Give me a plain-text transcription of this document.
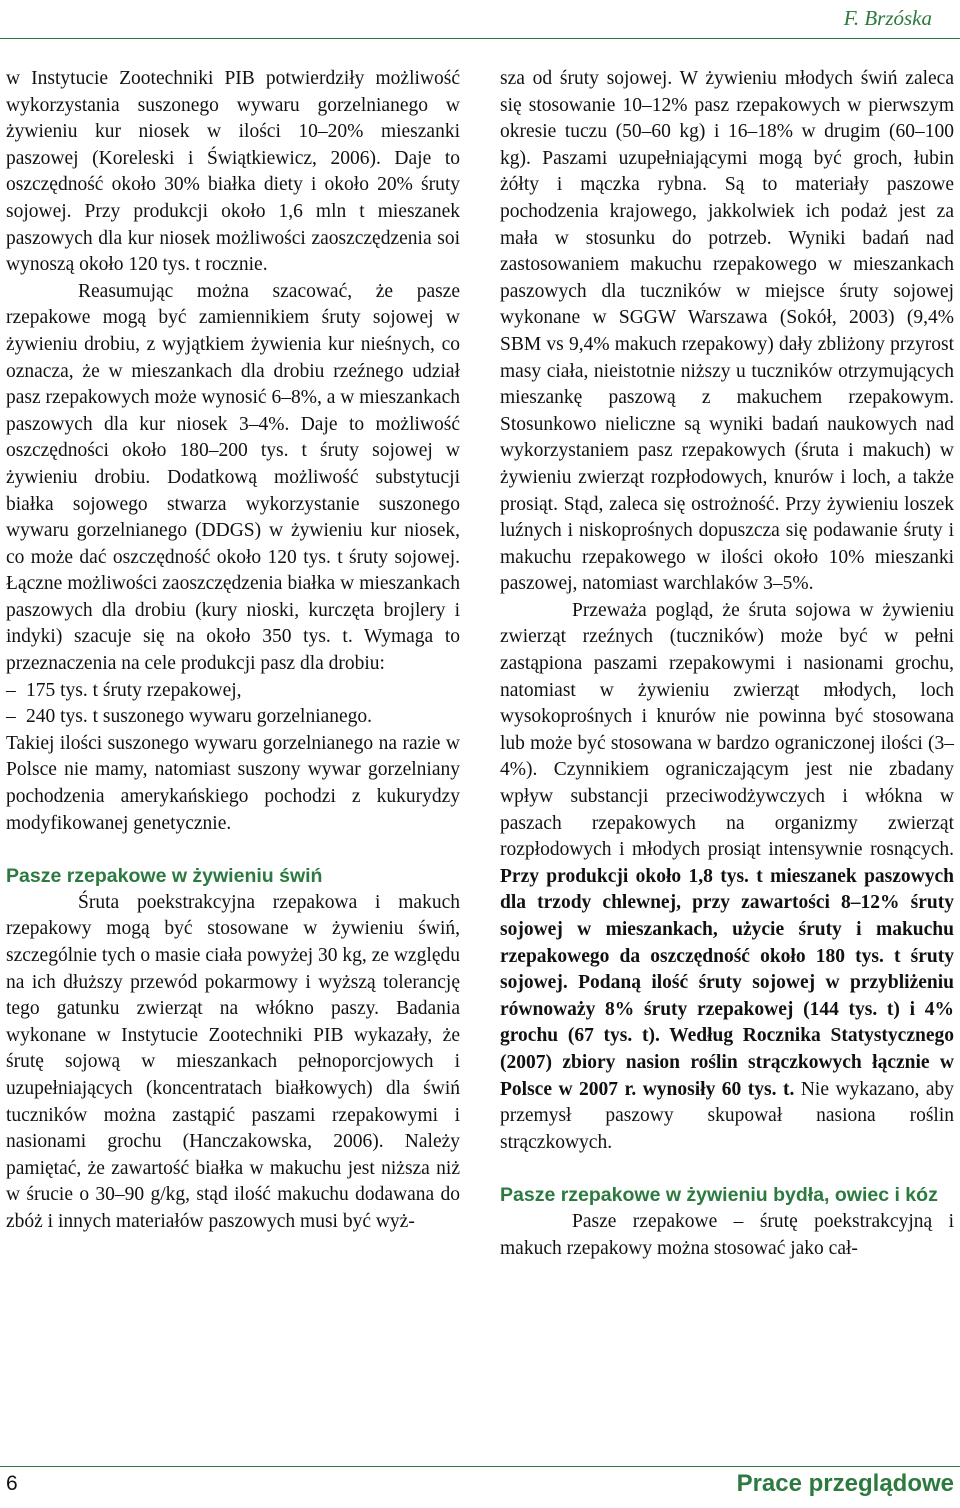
F. Brzóska

w Instytucie Zootechniki PIB potwierdziły możliwość wykorzystania suszonego wywaru gorzelnianego w żywieniu kur niosek w ilości 10–20% mieszanki paszowej (Koreleski i Świątkiewicz, 2006). Daje to oszczędność około 30% białka diety i około 20% śruty sojowej. Przy produkcji około 1,6 mln t mieszanek paszowych dla kur niosek możliwości zaoszczędzenia soi wynoszą około 120 tys. t rocznie.

Reasumując można szacować, że pasze rzepakowe mogą być zamiennikiem śruty sojowej w żywieniu drobiu, z wyjątkiem żywienia kur nieśnych, co oznacza, że w mieszankach dla drobiu rzeźnego udział pasz rzepakowych może wynosić 6–8%, a w mieszankach paszowych dla kur niosek 3–4%. Daje to możliwość oszczędności około 180–200 tys. t śruty sojowej w żywieniu drobiu. Dodatkową możliwość substytucji białka sojowego stwarza wykorzystanie suszonego wywaru gorzelnianego (DDGS) w żywieniu kur niosek, co może dać oszczędność około 120 tys. t śruty sojowej. Łączne możliwości zaoszczędzenia białka w mieszankach paszowych dla drobiu (kury nioski, kurczęta brojlery i indyki) szacuje się na około 350 tys. t. Wymaga to przeznaczenia na cele produkcji pasz dla drobiu:

– 175 tys. t śruty rzepakowej,

– 240 tys. t suszonego wywaru gorzelnianego.

Takiej ilości suszonego wywaru gorzelnianego na razie w Polsce nie mamy, natomiast suszony wywar gorzelniany pochodzenia amerykańskiego pochodzi z kukurydzy modyfikowanej genetycznie.

Pasze rzepakowe w żywieniu świń

Śruta poekstrakcyjna rzepakowa i makuch rzepakowy mogą być stosowane w żywieniu świń, szczególnie tych o masie ciała powyżej 30 kg, ze względu na ich dłuższy przewód pokarmowy i wyższą tolerancję tego gatunku zwierząt na włókno paszy. Badania wykonane w Instytucie Zootechniki PIB wykazały, że śrutę sojową w mieszankach pełnoporcjowych i uzupełniających (koncentratach białkowych) dla świń tuczników można zastąpić paszami rzepakowymi i nasionami grochu (Hanczakowska, 2006). Należy pamiętać, że zawartość białka w makuchu jest niższa niż w śrucie o 30–90 g/kg, stąd ilość makuchu dodawana do zbóż i innych materiałów paszowych musi być wyż-

sza od śruty sojowej. W żywieniu młodych świń zaleca się stosowanie 10–12% pasz rzepakowych w pierwszym okresie tuczu (50–60 kg) i 16–18% w drugim (60–100 kg). Paszami uzupełniającymi mogą być groch, łubin żółty i mączka rybna. Są to materiały paszowe pochodzenia krajowego, jakkolwiek ich podaż jest za mała w stosunku do potrzeb. Wyniki badań nad zastosowaniem makuchu rzepakowego w mieszankach paszowych dla tuczników w miejsce śruty sojowej wykonane w SGGW Warszawa (Sokół, 2003) (9,4% SBM vs 9,4% makuch rzepakowy) dały zbliżony przyrost masy ciała, nieistotnie niższy u tuczników otrzymujących mieszankę paszową z makuchem rzepakowym. Stosunkowo nieliczne są wyniki badań naukowych nad wykorzystaniem pasz rzepakowych (śruta i makuch) w żywieniu zwierząt rozpłodowych, knurów i loch, a także prosiąt. Stąd, zaleca się ostrożność. Przy żywieniu loszek luźnych i niskoprośnych dopuszcza się podawanie śruty i makuchu rzepakowego w ilości około 10% mieszanki paszowej, natomiast warchlaków 3–5%.

Przeważa pogląd, że śruta sojowa w żywieniu zwierząt rzeźnych (tuczników) może być w pełni zastąpiona paszami rzepakowymi i nasionami grochu, natomiast w żywieniu zwierząt młodych, loch wysokoprośnych i knurów nie powinna być stosowana lub może być stosowana w bardzo ograniczonej ilości (3–4%). Czynnikiem ograniczającym jest nie zbadany wpływ substancji przeciwodżywczych i włókna w paszach rzepakowych na organizmy zwierząt rozpłodowych i młodych prosiąt intensywnie rosnących. Przy produkcji około 1,8 tys. t mieszanek paszowych dla trzody chlewnej, przy zawartości 8–12% śruty sojowej w mieszankach, użycie śruty i makuchu rzepakowego da oszczędność około 180 tys. t śruty sojowej. Podaną ilość śruty sojowej w przybliżeniu równoważy 8% śruty rzepakowej (144 tys. t) i 4% grochu (67 tys. t). Według Rocznika Statystycznego (2007) zbiory nasion roślin strączkowych łącznie w Polsce w 2007 r. wynosiły 60 tys. t. Nie wykazano, aby przemysł paszowy skupował nasiona roślin strączkowych.

Pasze rzepakowe w żywieniu bydła, owiec i kóz

Pasze rzepakowe – śrutę poekstrakcyjną i makuch rzepakowy można stosować jako cał-

6	Prace przeglądowe
